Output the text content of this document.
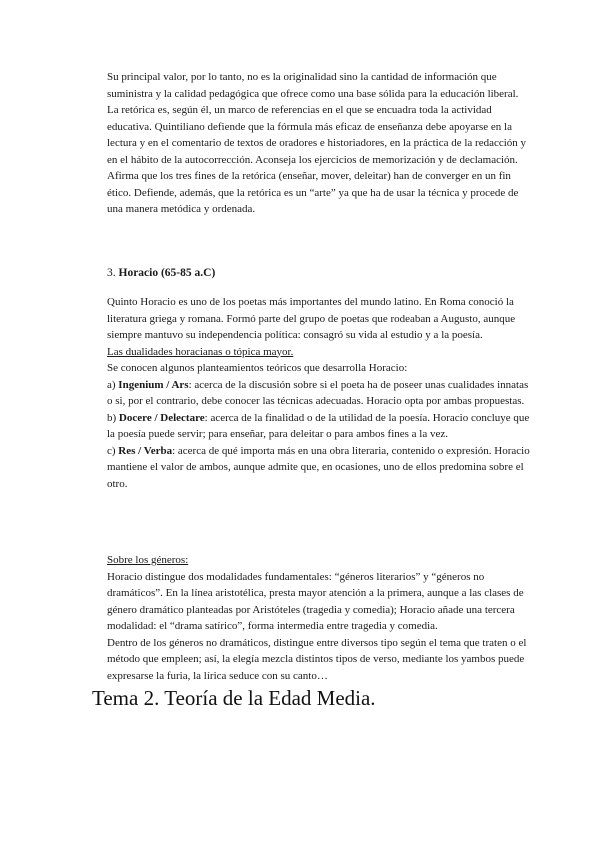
Su principal valor, por lo tanto, no es la originalidad sino la cantidad de información que suministra y la calidad pedagógica que ofrece como una base sólida para la educación liberal. La retórica es, según él, un marco de referencias en el que se encuadra toda la actividad educativa. Quintiliano defiende que la fórmula más eficaz de enseñanza debe apoyarse en la lectura y en el comentario de textos de oradores e historiadores, en la práctica de la redacción y en el hábito de la autocorrección. Aconseja los ejercicios de memorización y de declamación. Afirma que los tres fines de la retórica (enseñar, mover, deleitar) han de converger en un fin ético. Defiende, además, que la retórica es un “arte” ya que ha de usar la técnica y procede de una manera metódica y ordenada.

3. Horacio (65-85 a.C)

Quinto Horacio es uno de los poetas más importantes del mundo latino. En Roma conoció la literatura griega y romana. Formó parte del grupo de poetas que rodeaban a Augusto, aunque siempre mantuvo su independencia política: consagró su vida al estudio y a la poesía.

Las dualidades horacianas o tópica mayor.

Se conocen algunos planteamientos teóricos que desarrolla Horacio:

a) Ingenium / Ars: acerca de la discusión sobre si el poeta ha de poseer unas cualidades innatas o si, por el contrario, debe conocer las técnicas adecuadas. Horacio opta por ambas propuestas.

b) Docere / Delectare: acerca de la finalidad o de la utilidad de la poesía. Horacio concluye que la poesía puede servir; para enseñar, para deleitar o para ambos fines a la vez.

c) Res / Verba: acerca de qué importa más en una obra literaria, contenido o expresión. Horacio mantiene el valor de ambos, aunque admite que, en ocasiones, uno de ellos predomina sobre el otro.

Sobre los géneros:

Horacio distingue dos modalidades fundamentales: “géneros literarios” y “géneros no dramáticos”. En la línea aristotélica, presta mayor atención a la primera, aunque a las clases de género dramático planteadas por Aristóteles (tragedia y comedia); Horacio añade una tercera modalidad: el “drama satírico”, forma intermedia entre tragedia y comedia.

Dentro de los géneros no dramáticos, distingue entre diversos tipo según el tema que traten o el método que empleen; así, la elegía mezcla distintos tipos de verso, mediante los yambos puede expresarse la furia, la lírica seduce con su canto…

Tema 2. Teoría de la Edad Media.
